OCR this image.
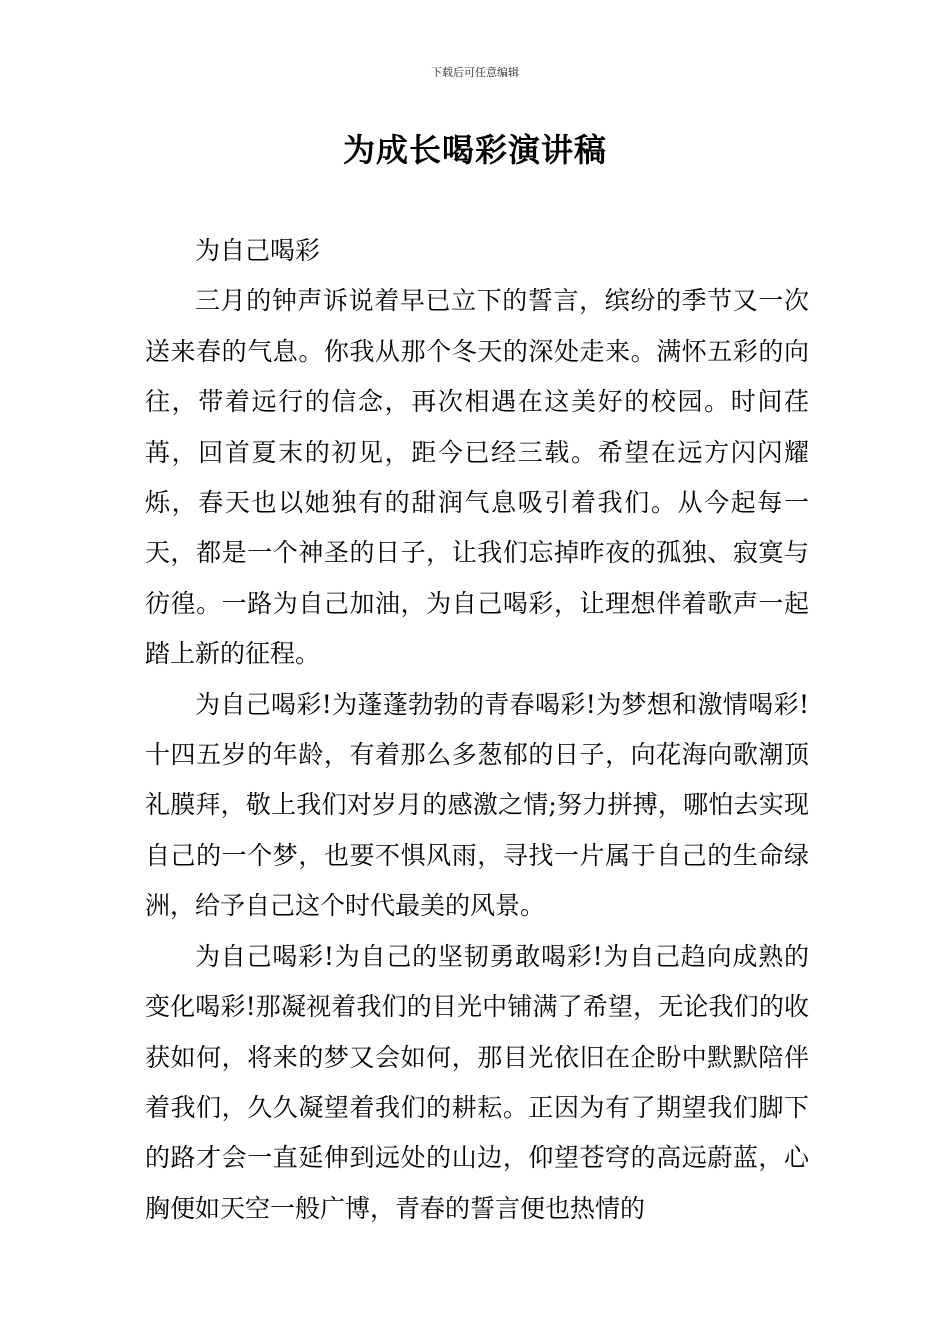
下载后可任意编辑
为成长喝彩演讲稿

为自己喝彩

三月的钟声诉说着早已立下的誓言，缤纷的季节又一次送来春的气息。你我从那个冬天的深处走来。满怀五彩的向往，带着远行的信念，再次相遇在这美好的校园。时间荏苒，回首夏末的初见，距今已经三载。希望在远方闪闪耀烁，春天也以她独有的甜润气息吸引着我们。从今起每一天，都是一个神圣的日子，让我们忘掉昨夜的孤独、寂寞与彷徨。一路为自己加油，为自己喝彩，让理想伴着歌声一起踏上新的征程。

为自己喝彩!为蓬蓬勃勃的青春喝彩!为梦想和激情喝彩!十四五岁的年龄，有着那么多葱郁的日子，向花海向歌潮顶礼膜拜，敬上我们对岁月的感激之情;努力拼搏，哪怕去实现自己的一个梦，也要不惧风雨，寻找一片属于自己的生命绿洲，给予自己这个时代最美的风景。

为自己喝彩!为自己的坚韧勇敢喝彩!为自己趋向成熟的变化喝彩!那凝视着我们的目光中铺满了希望，无论我们的收获如何，将来的梦又会如何，那目光依旧在企盼中默默陪伴着我们，久久凝望着我们的耕耘。正因为有了期望我们脚下的路才会一直延伸到远处的山边，仰望苍穹的高远蔚蓝，心胸便如天空一般广博，青春的誓言便也热情的
